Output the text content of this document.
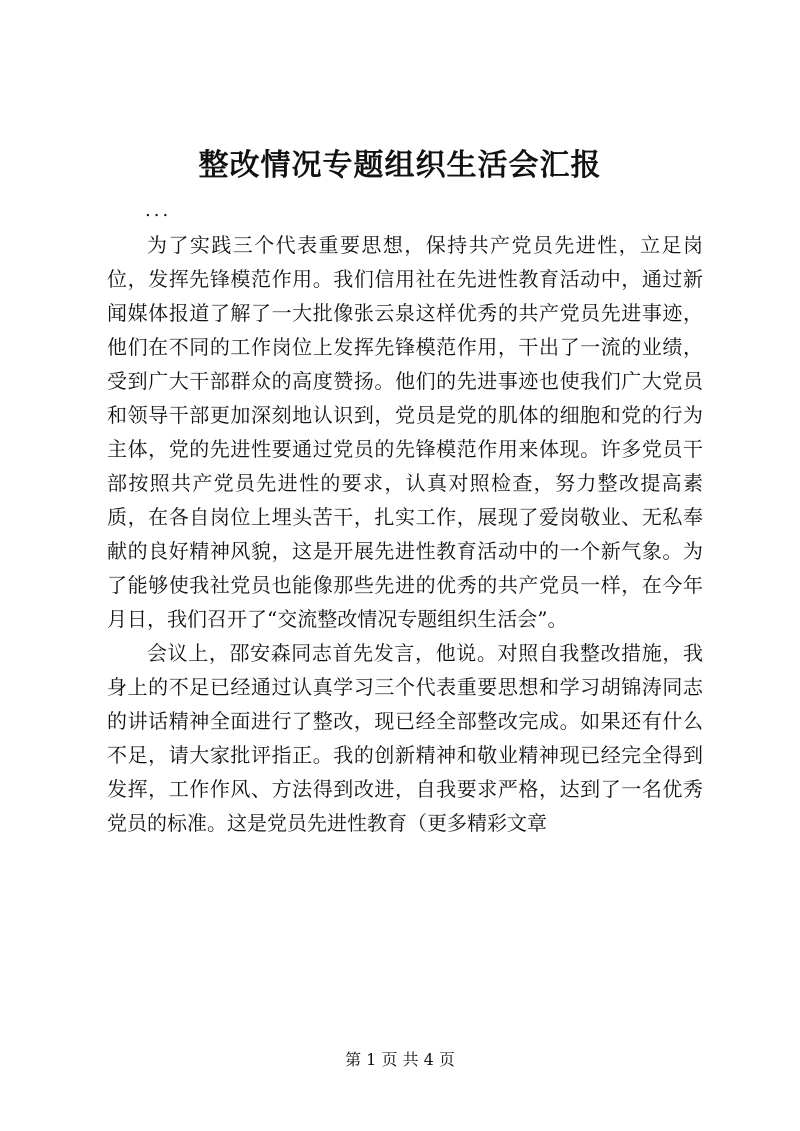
整改情况专题组织生活会汇报

...

为了实践三个代表重要思想，保持共产党员先进性，立足岗位，发挥先锋模范作用。我们信用社在先进性教育活动中，通过新闻媒体报道了解了一大批像张云泉这样优秀的共产党员先进事迹，他们在不同的工作岗位上发挥先锋模范作用，干出了一流的业绩，受到广大干部群众的高度赞扬。他们的先进事迹也使我们广大党员和领导干部更加深刻地认识到，党员是党的肌体的细胞和党的行为主体，党的先进性要通过党员的先锋模范作用来体现。许多党员干部按照共产党员先进性的要求，认真对照检查，努力整改提高素质，在各自岗位上埋头苦干，扎实工作，展现了爱岗敬业、无私奉献的良好精神风貌，这是开展先进性教育活动中的一个新气象。为了能够使我社党员也能像那些先进的优秀的共产党员一样，在今年月日，我们召开了“交流整改情况专题组织生活会”。

会议上，邵安森同志首先发言，他说。对照自我整改措施，我身上的不足已经通过认真学习三个代表重要思想和学习胡锦涛同志的讲话精神全面进行了整改，现已经全部整改完成。如果还有什么不足，请大家批评指正。我的创新精神和敬业精神现已经完全得到发挥，工作作风、方法得到改进，自我要求严格，达到了一名优秀党员的标准。这是党员先进性教育（更多精彩文章

第 1 页 共 4 页
